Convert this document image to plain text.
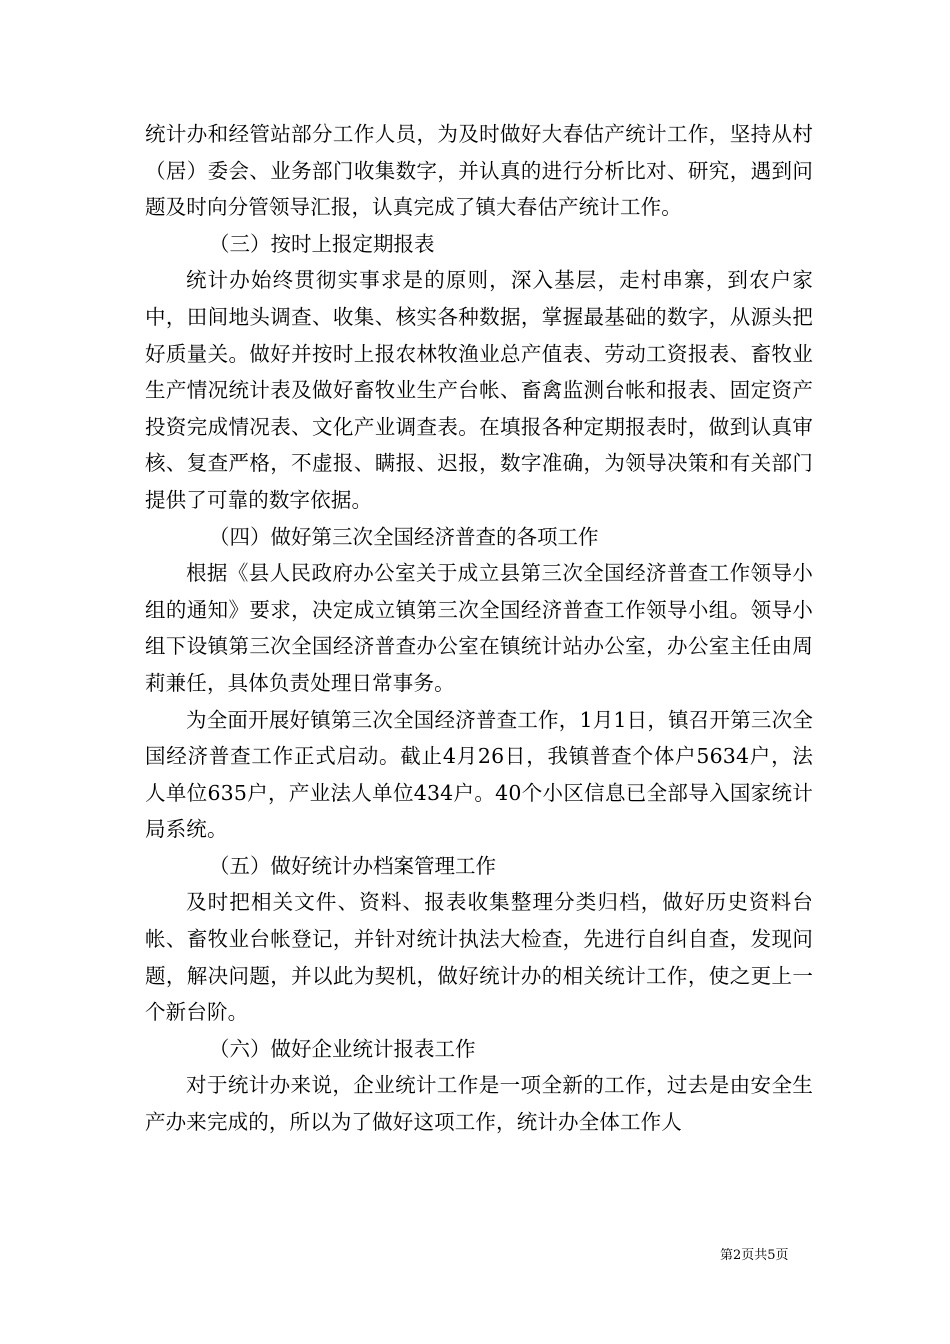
统计办和经管站部分工作人员，为及时做好大春估产统计工作，坚持从村（居）委会、业务部门收集数字，并认真的进行分析比对、研究，遇到问题及时向分管领导汇报，认真完成了镇大春估产统计工作。

（三）按时上报定期报表

统计办始终贯彻实事求是的原则，深入基层，走村串寨，到农户家中，田间地头调查、收集、核实各种数据，掌握最基础的数字，从源头把好质量关。做好并按时上报农林牧渔业总产值表、劳动工资报表、畜牧业生产情况统计表及做好畜牧业生产台帐、畜禽监测台帐和报表、固定资产投资完成情况表、文化产业调查表。在填报各种定期报表时，做到认真审核、复查严格，不虚报、瞒报、迟报，数字准确，为领导决策和有关部门提供了可靠的数字依据。

（四）做好第三次全国经济普查的各项工作

根据《县人民政府办公室关于成立县第三次全国经济普查工作领导小组的通知》要求，决定成立镇第三次全国经济普查工作领导小组。领导小组下设镇第三次全国经济普查办公室在镇统计站办公室，办公室主任由周莉兼任，具体负责处理日常事务。

为全面开展好镇第三次全国经济普查工作，1月1日，镇召开第三次全国经济普查工作正式启动。截止4月26日，我镇普查个体户5634户，法人单位635户，产业法人单位434户。40个小区信息已全部导入国家统计局系统。

（五）做好统计办档案管理工作

及时把相关文件、资料、报表收集整理分类归档，做好历史资料台帐、畜牧业台帐登记，并针对统计执法大检查，先进行自纠自查，发现问题，解决问题，并以此为契机，做好统计办的相关统计工作，使之更上一个新台阶。

（六）做好企业统计报表工作

对于统计办来说，企业统计工作是一项全新的工作，过去是由安全生产办来完成的，所以为了做好这项工作，统计办全体工作人

第2页共5页
